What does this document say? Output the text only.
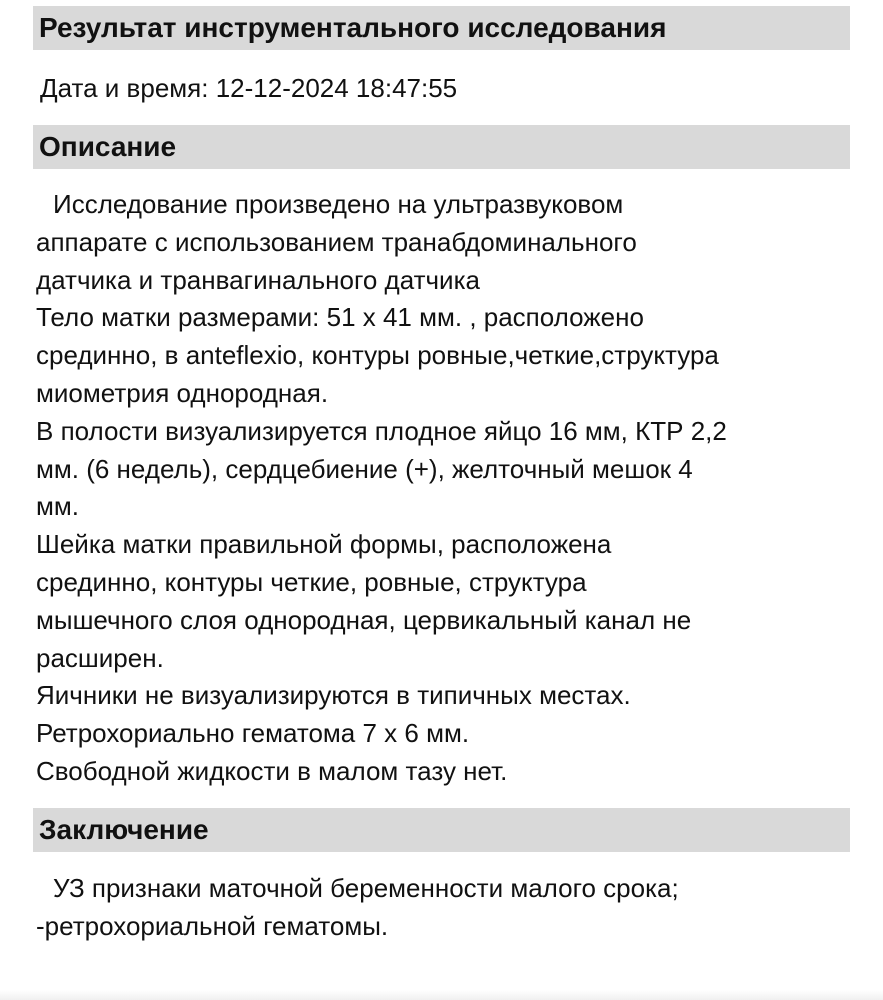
Результат инструментального исследования
Дата и время: 12-12-2024 18:47:55
Описание
Исследование произведено на ультразвуковом
аппарате с использованием транабдоминального
датчика и транвагинального датчика
Тело матки размерами: 51 х 41 мм. , расположено
срединно, в anteflexio, контуры ровные,четкие,структура
миометрия однородная.
В полости визуализируется плодное яйцо 16 мм, КТР 2,2
мм. (6 недель), сердцебиение (+), желточный мешок 4
мм.
Шейка матки правильной формы, расположена
срединно, контуры четкие, ровные, структура
мышечного слоя однородная, цервикальный канал не
расширен.
Яичники не визуализируются в типичных местах.
Ретрохориально гематома 7 х 6 мм.
Свободной жидкости в малом тазу нет.
Заключение
УЗ признаки маточной беременности малого срока;
-ретрохориальной гематомы.
